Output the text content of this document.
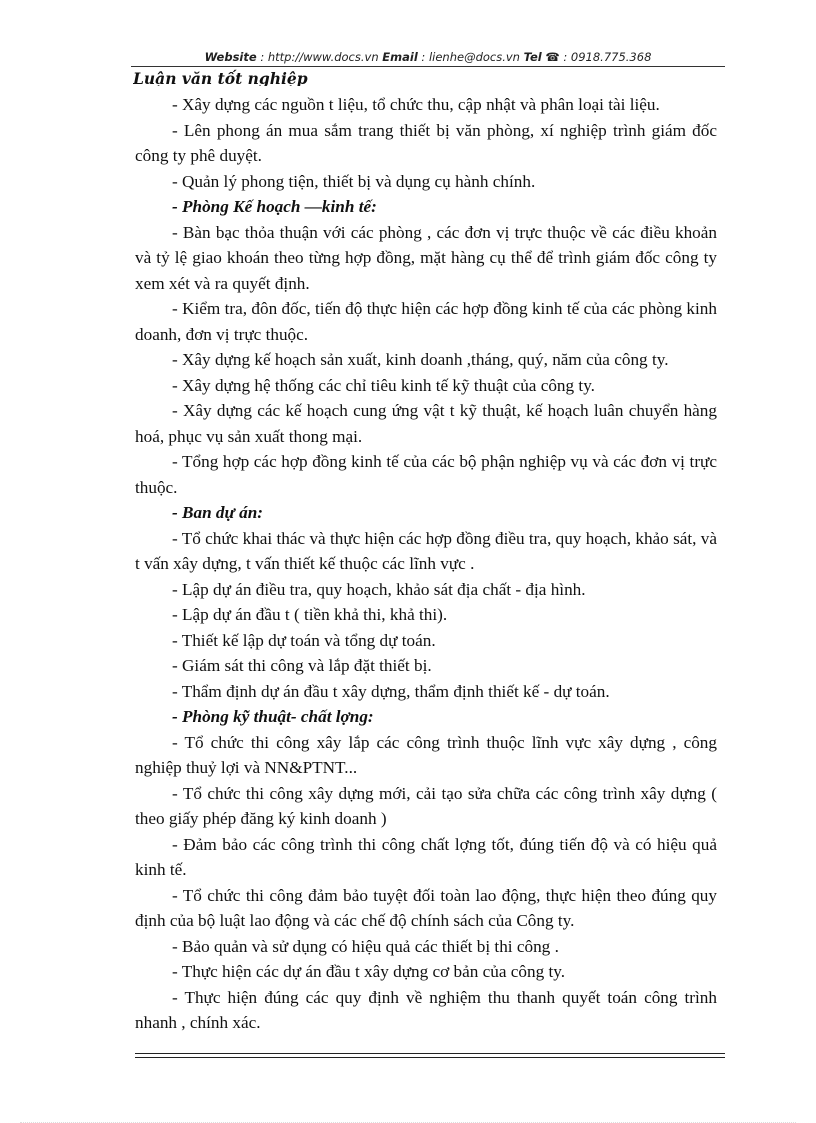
Website : http://www.docs.vn Email : lienhe@docs.vn Tel ☎ : 0918.775.368
Luận văn tốt nghiệp

- Xây dựng các nguồn t liệu, tổ chức thu, cập nhật và phân loại tài liệu.

- Lên phong án mua sắm trang thiết bị văn phòng, xí nghiệp trình giám đốc công ty phê duyệt.

- Quản lý phong tiện, thiết bị và dụng cụ hành chính.

- Phòng Kế hoạch —kinh tế:

- Bàn bạc thỏa thuận với các phòng , các đơn vị trực thuộc về các điều khoản và tỷ lệ giao khoán theo từng hợp đồng, mặt hàng cụ thể để trình giám đốc công ty xem xét và ra quyết định.

- Kiểm tra, đôn đốc, tiến độ thực hiện các hợp đồng kinh tế của các phòng kinh doanh, đơn vị trực thuộc.

- Xây dựng kế hoạch sản xuất, kinh doanh ,tháng, quý, năm của công ty.

- Xây dựng hệ thống các chỉ tiêu kinh tế kỹ thuật của công ty.

- Xây dựng các kế hoạch cung ứng vật t kỹ thuật, kế hoạch luân chuyển hàng hoá, phục vụ sản xuất thong mại.

- Tổng hợp các hợp đồng kinh tế của các bộ phận nghiệp vụ và các đơn vị trực thuộc.

- Ban dự án:

- Tổ chức khai thác và thực hiện các hợp đồng điều tra, quy hoạch, khảo sát, và t vấn xây dựng, t vấn thiết kế thuộc các lĩnh vực .

- Lập dự án điều tra, quy hoạch, khảo sát địa chất - địa hình.

- Lập dự án đầu t ( tiền khả thi, khả thi).

- Thiết kế lập dự toán và tổng dự toán.

- Giám sát thi công và lắp đặt thiết bị.

- Thẩm định dự án đầu t xây dựng, thẩm định thiết kế - dự toán.

- Phòng kỹ thuật- chất lợng:

- Tổ chức thi công xây lắp các công trình thuộc lĩnh vực xây dựng , công nghiệp thuỷ lợi và NN&PTNT...

- Tổ chức thi công xây dựng mới, cải tạo sửa chữa các công trình xây dựng ( theo giấy phép đăng ký kinh doanh )

- Đảm bảo các công trình thi công chất lợng tốt, đúng tiến độ và có hiệu quả kinh tế.

- Tổ chức thi công đảm bảo tuyệt đối toàn lao động, thực hiện theo đúng quy định của bộ luật lao động và các chế độ chính sách của Công ty.

- Bảo quản và sử dụng có hiệu quả các thiết bị thi công .

- Thực hiện các dự án đầu t xây dựng cơ bản của công ty.

- Thực hiện đúng các quy định về nghiệm thu thanh quyết toán công trình nhanh , chính xác.
